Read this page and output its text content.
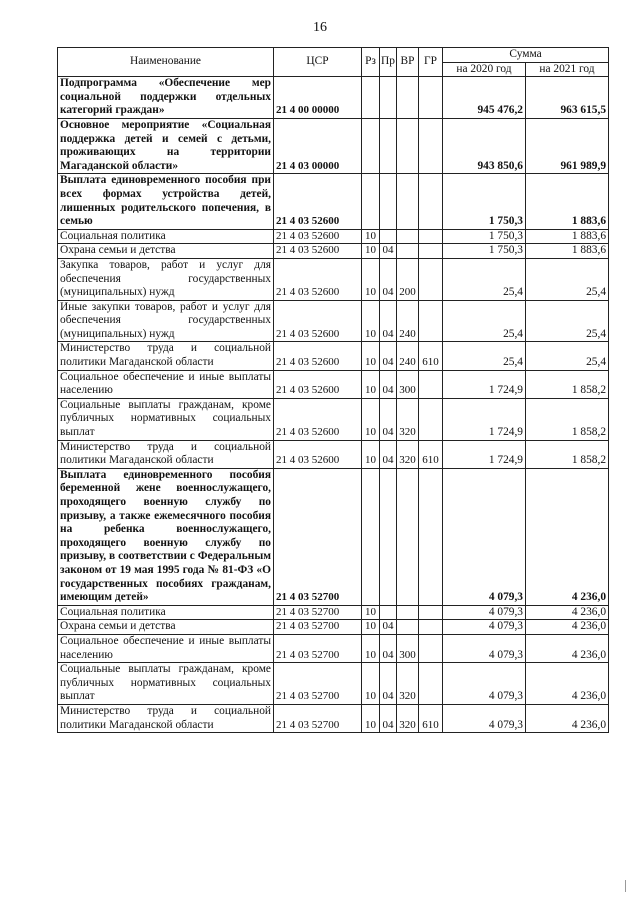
16
Наименование	ЦСР	Рз	Пр	ВР	ГР	Сумма	
						на 2020 год	на 2021 год
Подпрограмма «Обеспечение мер социальной поддержки отдельных категорий граждан»	21 4 00 00000					945 476,2	963 615,5
Основное мероприятие «Социальная поддержка детей и семей с детьми, проживающих на территории Магаданской области»	21 4 03 00000					943 850,6	961 989,9
Выплата единовременного пособия при всех формах устройства детей, лишенных родительского попечения, в семью	21 4 03 52600					1 750,3	1 883,6
Социальная политика	21 4 03 52600	10				1 750,3	1 883,6
Охрана семьи и детства	21 4 03 52600	10	04			1 750,3	1 883,6
Закупка товаров, работ и услуг для обеспечения государственных (муниципальных) нужд	21 4 03 52600	10	04	200		25,4	25,4
Иные закупки товаров, работ и услуг для обеспечения государственных (муниципальных) нужд	21 4 03 52600	10	04	240		25,4	25,4
Министерство труда и социальной политики Магаданской области	21 4 03 52600	10	04	240	610	25,4	25,4
Социальное обеспечение и иные выплаты населению	21 4 03 52600	10	04	300		1 724,9	1 858,2
Социальные выплаты гражданам, кроме публичных нормативных социальных выплат	21 4 03 52600	10	04	320		1 724,9	1 858,2
Министерство труда и социальной политики Магаданской области	21 4 03 52600	10	04	320	610	1 724,9	1 858,2
Выплата единовременного пособия беременной жене военнослужащего, проходящего военную службу по призыву, а также ежемесячного пособия на ребенка военнослужащего, проходящего военную службу по призыву, в соответствии с Федеральным законом от 19 мая 1995 года № 81-ФЗ «О государственных пособиях гражданам, имеющим детей»	21 4 03 52700					4 079,3	4 236,0
Социальная политика	21 4 03 52700	10				4 079,3	4 236,0
Охрана семьи и детства	21 4 03 52700	10	04			4 079,3	4 236,0
Социальное обеспечение и иные выплаты населению	21 4 03 52700	10	04	300		4 079,3	4 236,0
Социальные выплаты гражданам, кроме публичных нормативных социальных выплат	21 4 03 52700	10	04	320		4 079,3	4 236,0
Министерство труда и социальной политики Магаданской области	21 4 03 52700	10	04	320	610	4 079,3	4 236,0
